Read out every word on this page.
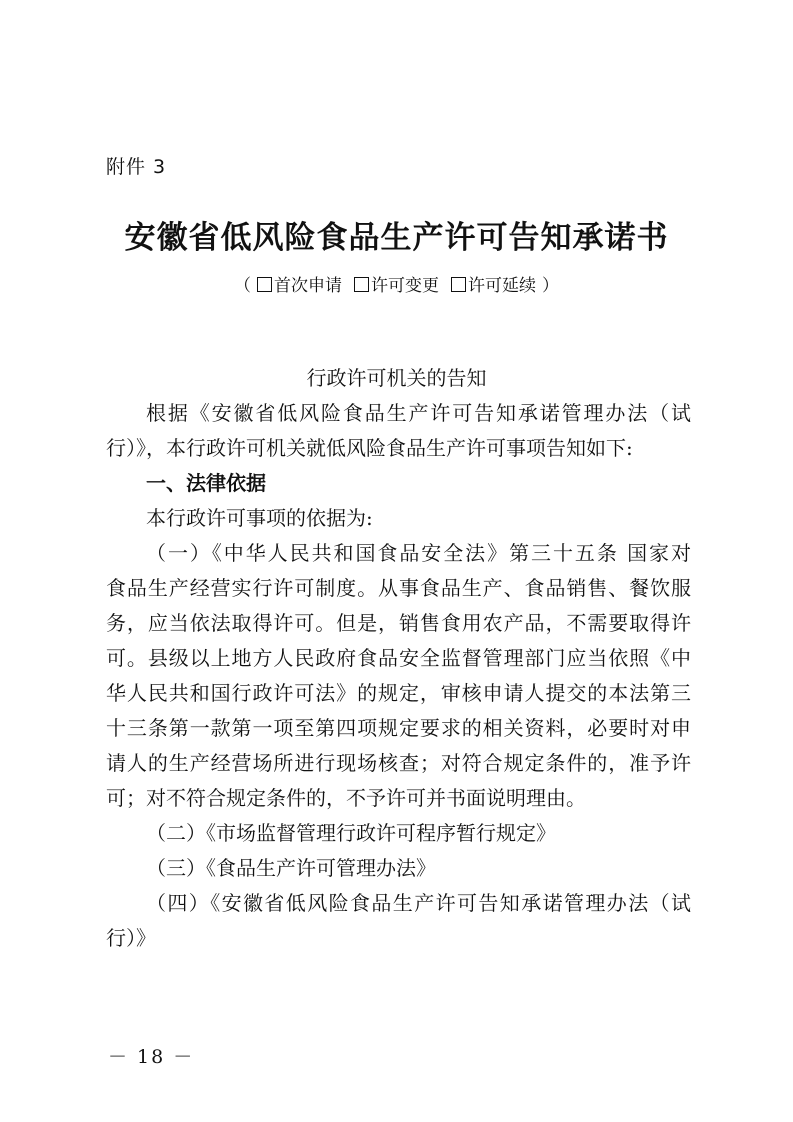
附件 3
安徽省低风险食品生产许可告知承诺书
（ 首次申请 许可变更 许可延续 ）
行政许可机关的告知
根据《安徽省低风险食品生产许可告知承诺管理办法（试
行）》，本行政许可机关就低风险食品生产许可事项告知如下:
一、法律依据
本行政许可事项的依据为:
（一）《中华人民共和国食品安全法》第三十五条 国家对
食品生产经营实行许可制度。从事食品生产、食品销售、餐饮服
务，应当依法取得许可。但是，销售食用农产品，不需要取得许
可。县级以上地方人民政府食品安全监督管理部门应当依照《中
华人民共和国行政许可法》的规定，审核申请人提交的本法第三
十三条第一款第一项至第四项规定要求的相关资料，必要时对申
请人的生产经营场所进行现场核查；对符合规定条件的，准予许
可；对不符合规定条件的，不予许可并书面说明理由。
（二）《市场监督管理行政许可程序暂行规定》
（三）《食品生产许可管理办法》
（四）《安徽省低风险食品生产许可告知承诺管理办法（试
行）》
－ 18 －
